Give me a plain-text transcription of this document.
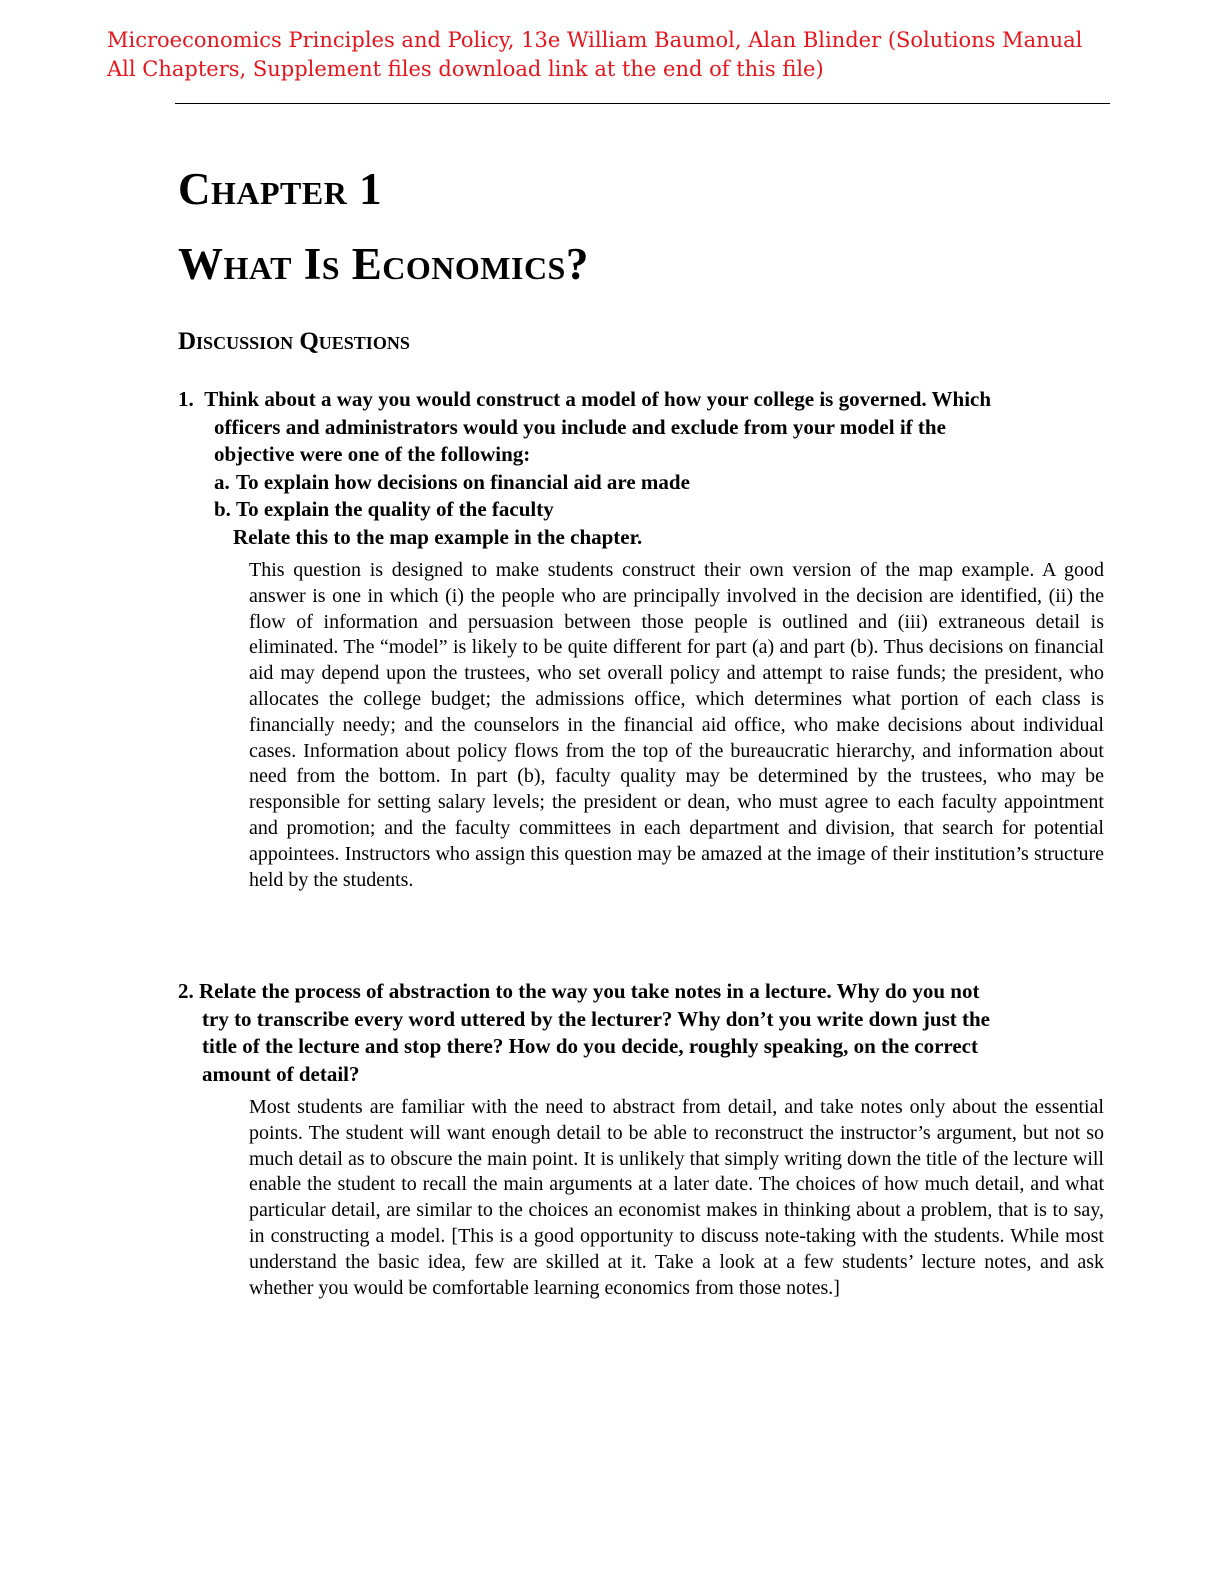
Microeconomics Principles and Policy, 13e William Baumol, Alan Blinder (Solutions Manual
All Chapters, Supplement files download link at the end of this file)
Chapter 1
What Is Economics?
Discussion Questions
1. Think about a way you would construct a model of how your college is governed. Which
officers and administrators would you include and exclude from your model if the
objective were one of the following:
a. To explain how decisions on financial aid are made
b. To explain the quality of the faculty
Relate this to the map example in the chapter.

This question is designed to make students construct their own version of the map example. A good answer is one in which (i) the people who are principally involved in the decision are identified, (ii) the flow of information and persuasion between those people is outlined and (iii) extraneous detail is eliminated. The “model” is likely to be quite different for part (a) and part (b). Thus decisions on financial aid may depend upon the trustees, who set overall policy and attempt to raise funds; the president, who allocates the college budget; the admissions office, which determines what portion of each class is financially needy; and the counselors in the financial aid office, who make decisions about individual cases. Information about policy flows from the top of the bureaucratic hierarchy, and information about need from the bottom. In part (b), faculty quality may be determined by the trustees, who may be responsible for setting salary levels; the president or dean, who must agree to each faculty appointment and promotion; and the faculty committees in each department and division, that search for potential appointees. Instructors who assign this question may be amazed at the image of their institution’s structure held by the students.

2. Relate the process of abstraction to the way you take notes in a lecture. Why do you not
try to transcribe every word uttered by the lecturer? Why don’t you write down just the
title of the lecture and stop there? How do you decide, roughly speaking, on the correct
amount of detail?

Most students are familiar with the need to abstract from detail, and take notes only about the essential points. The student will want enough detail to be able to reconstruct the instructor’s argument, but not so much detail as to obscure the main point. It is unlikely that simply writing down the title of the lecture will enable the student to recall the main arguments at a later date. The choices of how much detail, and what particular detail, are similar to the choices an economist makes in thinking about a problem, that is to say, in constructing a model. [This is a good opportunity to discuss note-taking with the students. While most understand the basic idea, few are skilled at it. Take a look at a few students’ lecture notes, and ask whether you would be comfortable learning economics from those notes.]
